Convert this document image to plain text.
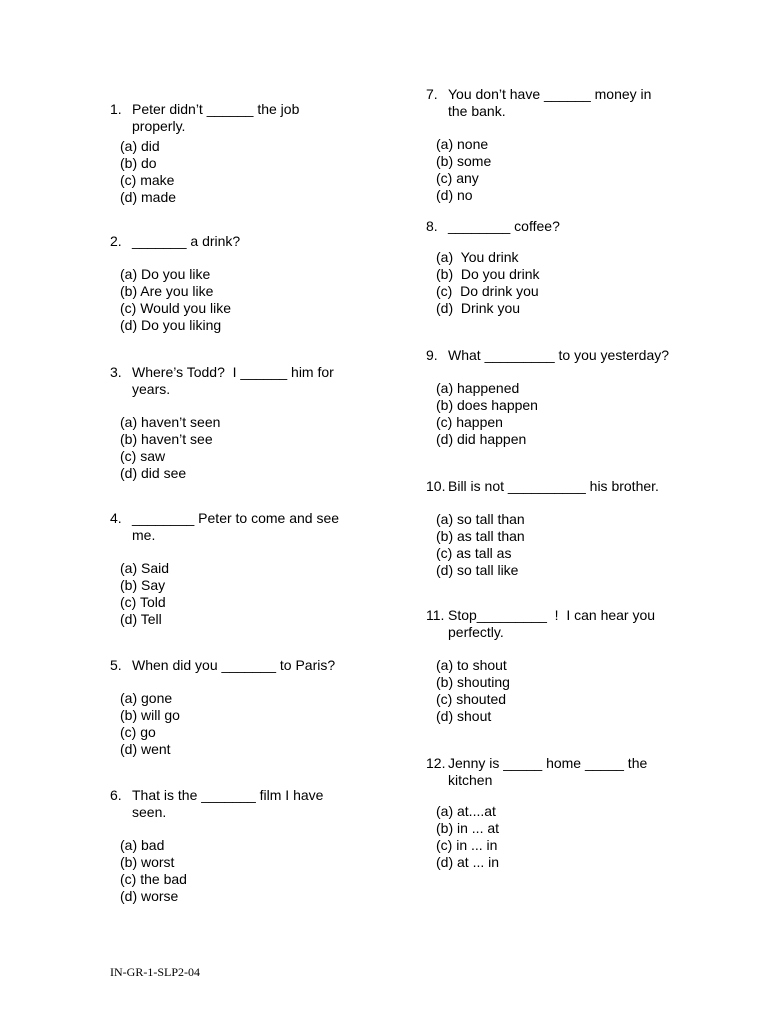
1. Peter didn’t ______ the job
properly.
(a) did
(b) do
(c) make
(d) made
2. _______ a drink?
(a) Do you like
(b) Are you like
(c) Would you like
(d) Do you liking
3. Where’s Todd?  I ______ him for
years.
(a) haven’t seen
(b) haven’t see
(c) saw
(d) did see
4. ________ Peter to come and see
me.
(a) Said
(b) Say
(c) Told
(d) Tell
5. When did you _______ to Paris?
(a) gone
(b) will go
(c) go
(d) went
6. That is the _______ film I have
seen.
(a) bad
(b) worst
(c) the bad
(d) worse
7. You don’t have ______ money in
the bank.
(a) none
(b) some
(c) any
(d) no
8. ________ coffee?
(a)  You drink
(b)  Do you drink
(c)  Do drink you
(d)  Drink you
9. What _________ to you yesterday?
(a) happened
(b) does happen
(c) happen
(d) did happen
10. Bill is not __________ his brother.
(a) so tall than
(b) as tall than
(c) as tall as
(d) so tall like
11. Stop_________  !  I can hear you
perfectly.
(a) to shout
(b) shouting
(c) shouted
(d) shout
12. Jenny is _____ home _____ the
kitchen
(a) at....at
(b) in ... at
(c) in ... in
(d) at ... in
IN-GR-1-SLP2-04
